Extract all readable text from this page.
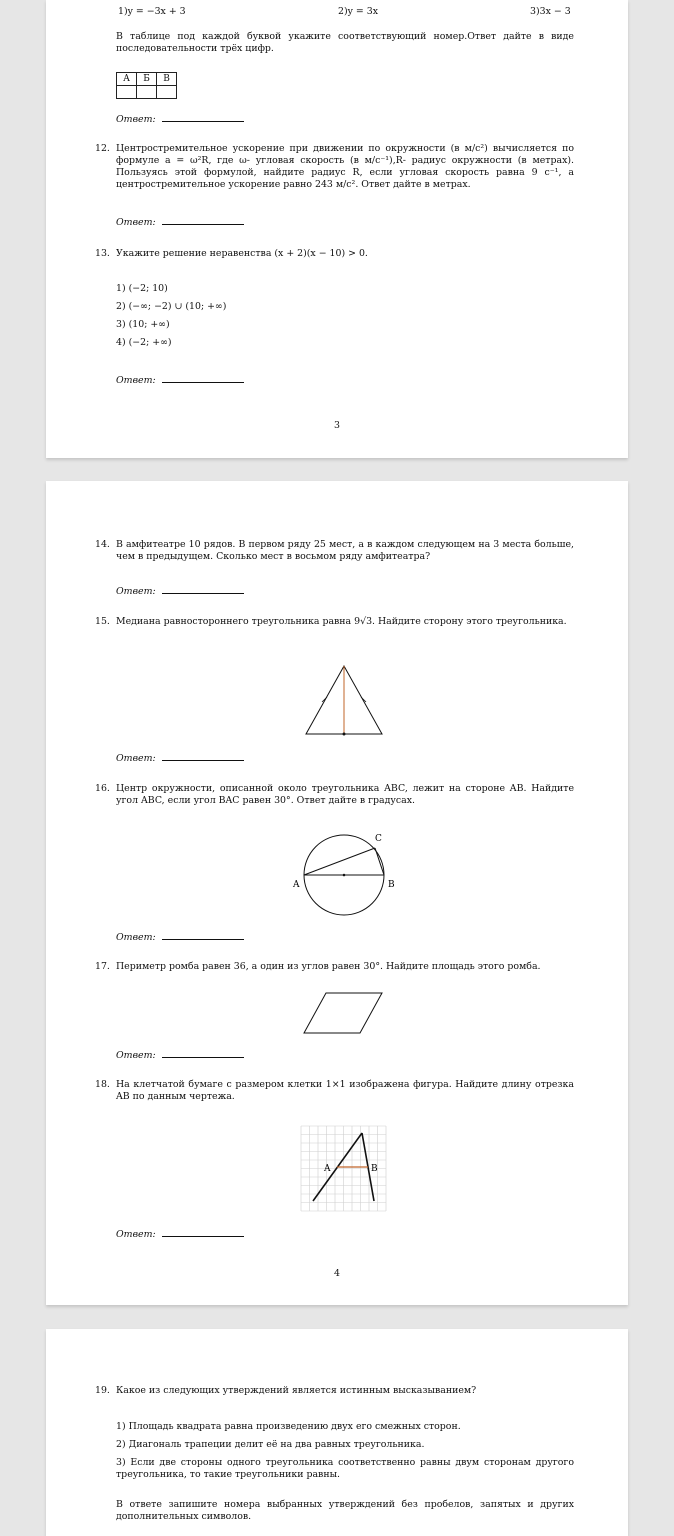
1)y = −3x + 3	2)y = 3x	3)3x − 3

В таблице под каждой буквой укажите соответствующий номер.Ответ дайте в виде последовательности трёх цифр.

А	Б	В

Ответ:
12. Центростремительное ускорение при движении по окружности (в м/с²) вычисляется по формуле a = ω²R, где ω- угловая скорость (в м/с⁻¹),R- радиус окружности (в метрах). Пользуясь этой формулой, найдите радиус R, если угловая скорость равна 9 с⁻¹, а центростремительное ускорение равно 243 м/с². Ответ дайте в метрах.

Ответ:
13. Укажите решение неравенства (x + 2)(x − 10) > 0.
1) (−2; 10)
2) (−∞; −2) ∪ (10; +∞)
3) (10; +∞)
4) (−2; +∞)
Ответ:
3
14. В амфитеатре 10 рядов. В первом ряду 25 мест, а в каждом следующем на 3 места больше, чем в предыдущем. Сколько мест в восьмом ряду амфитеатра?

Ответ:
15. Медиана равностороннего треугольника равна 9√3. Найдите сторону этого треугольника.

Ответ:
16. Центр окружности, описанной около треугольника ABC, лежит на стороне AB. Найдите угол ABC, если угол BAC равен 30°. Ответ дайте в градусах.

A	B
C
Ответ:
17. Периметр ромба равен 36, а один из углов равен 30°. Найдите площадь этого ромба.
Ответ:
18. На клетчатой бумаге с размером клетки 1×1 изображена фигура. Найдите длину отрезка AB по данным чертежа.

A	B
Ответ:
4
19. Какое из следующих утверждений является истинным высказыванием?
1) Площадь квадрата равна произведению двух его смежных сторон.
2) Диагональ трапеции делит её на два равных треугольника.

3) Если две стороны одного треугольника соответственно равны двум сторонам другого треугольника, то такие треугольники равны.

В ответе запишите номера выбранных утверждений без пробелов, запятых и других дополнительных символов.
